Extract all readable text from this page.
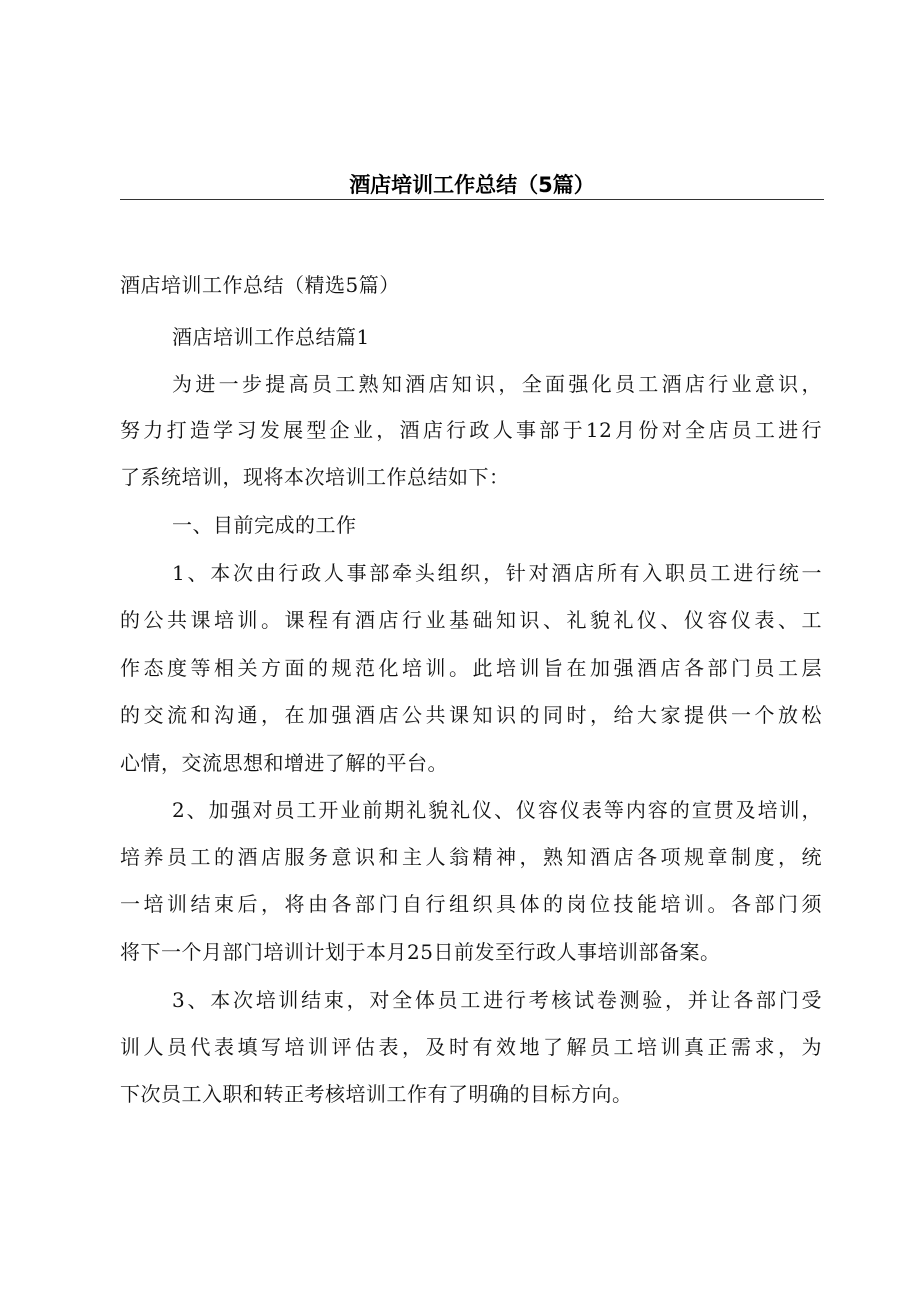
酒店培训工作总结（5篇）
酒店培训工作总结（精选5篇）
酒店培训工作总结篇1
为进一步提高员工熟知酒店知识，全面强化员工酒店行业意识，
努力打造学习发展型企业，酒店行政人事部于12月份对全店员工进行
了系统培训，现将本次培训工作总结如下：
一、目前完成的工作
1、本次由行政人事部牵头组织，针对酒店所有入职员工进行统一
的公共课培训。课程有酒店行业基础知识、礼貌礼仪、仪容仪表、工
作态度等相关方面的规范化培训。此培训旨在加强酒店各部门员工层
的交流和沟通，在加强酒店公共课知识的同时，给大家提供一个放松
心情，交流思想和增进了解的平台。
2、加强对员工开业前期礼貌礼仪、仪容仪表等内容的宣贯及培训，
培养员工的酒店服务意识和主人翁精神，熟知酒店各项规章制度，统
一培训结束后，将由各部门自行组织具体的岗位技能培训。各部门须
将下一个月部门培训计划于本月25日前发至行政人事培训部备案。
3、本次培训结束，对全体员工进行考核试卷测验，并让各部门受
训人员代表填写培训评估表，及时有效地了解员工培训真正需求，为
下次员工入职和转正考核培训工作有了明确的目标方向。
